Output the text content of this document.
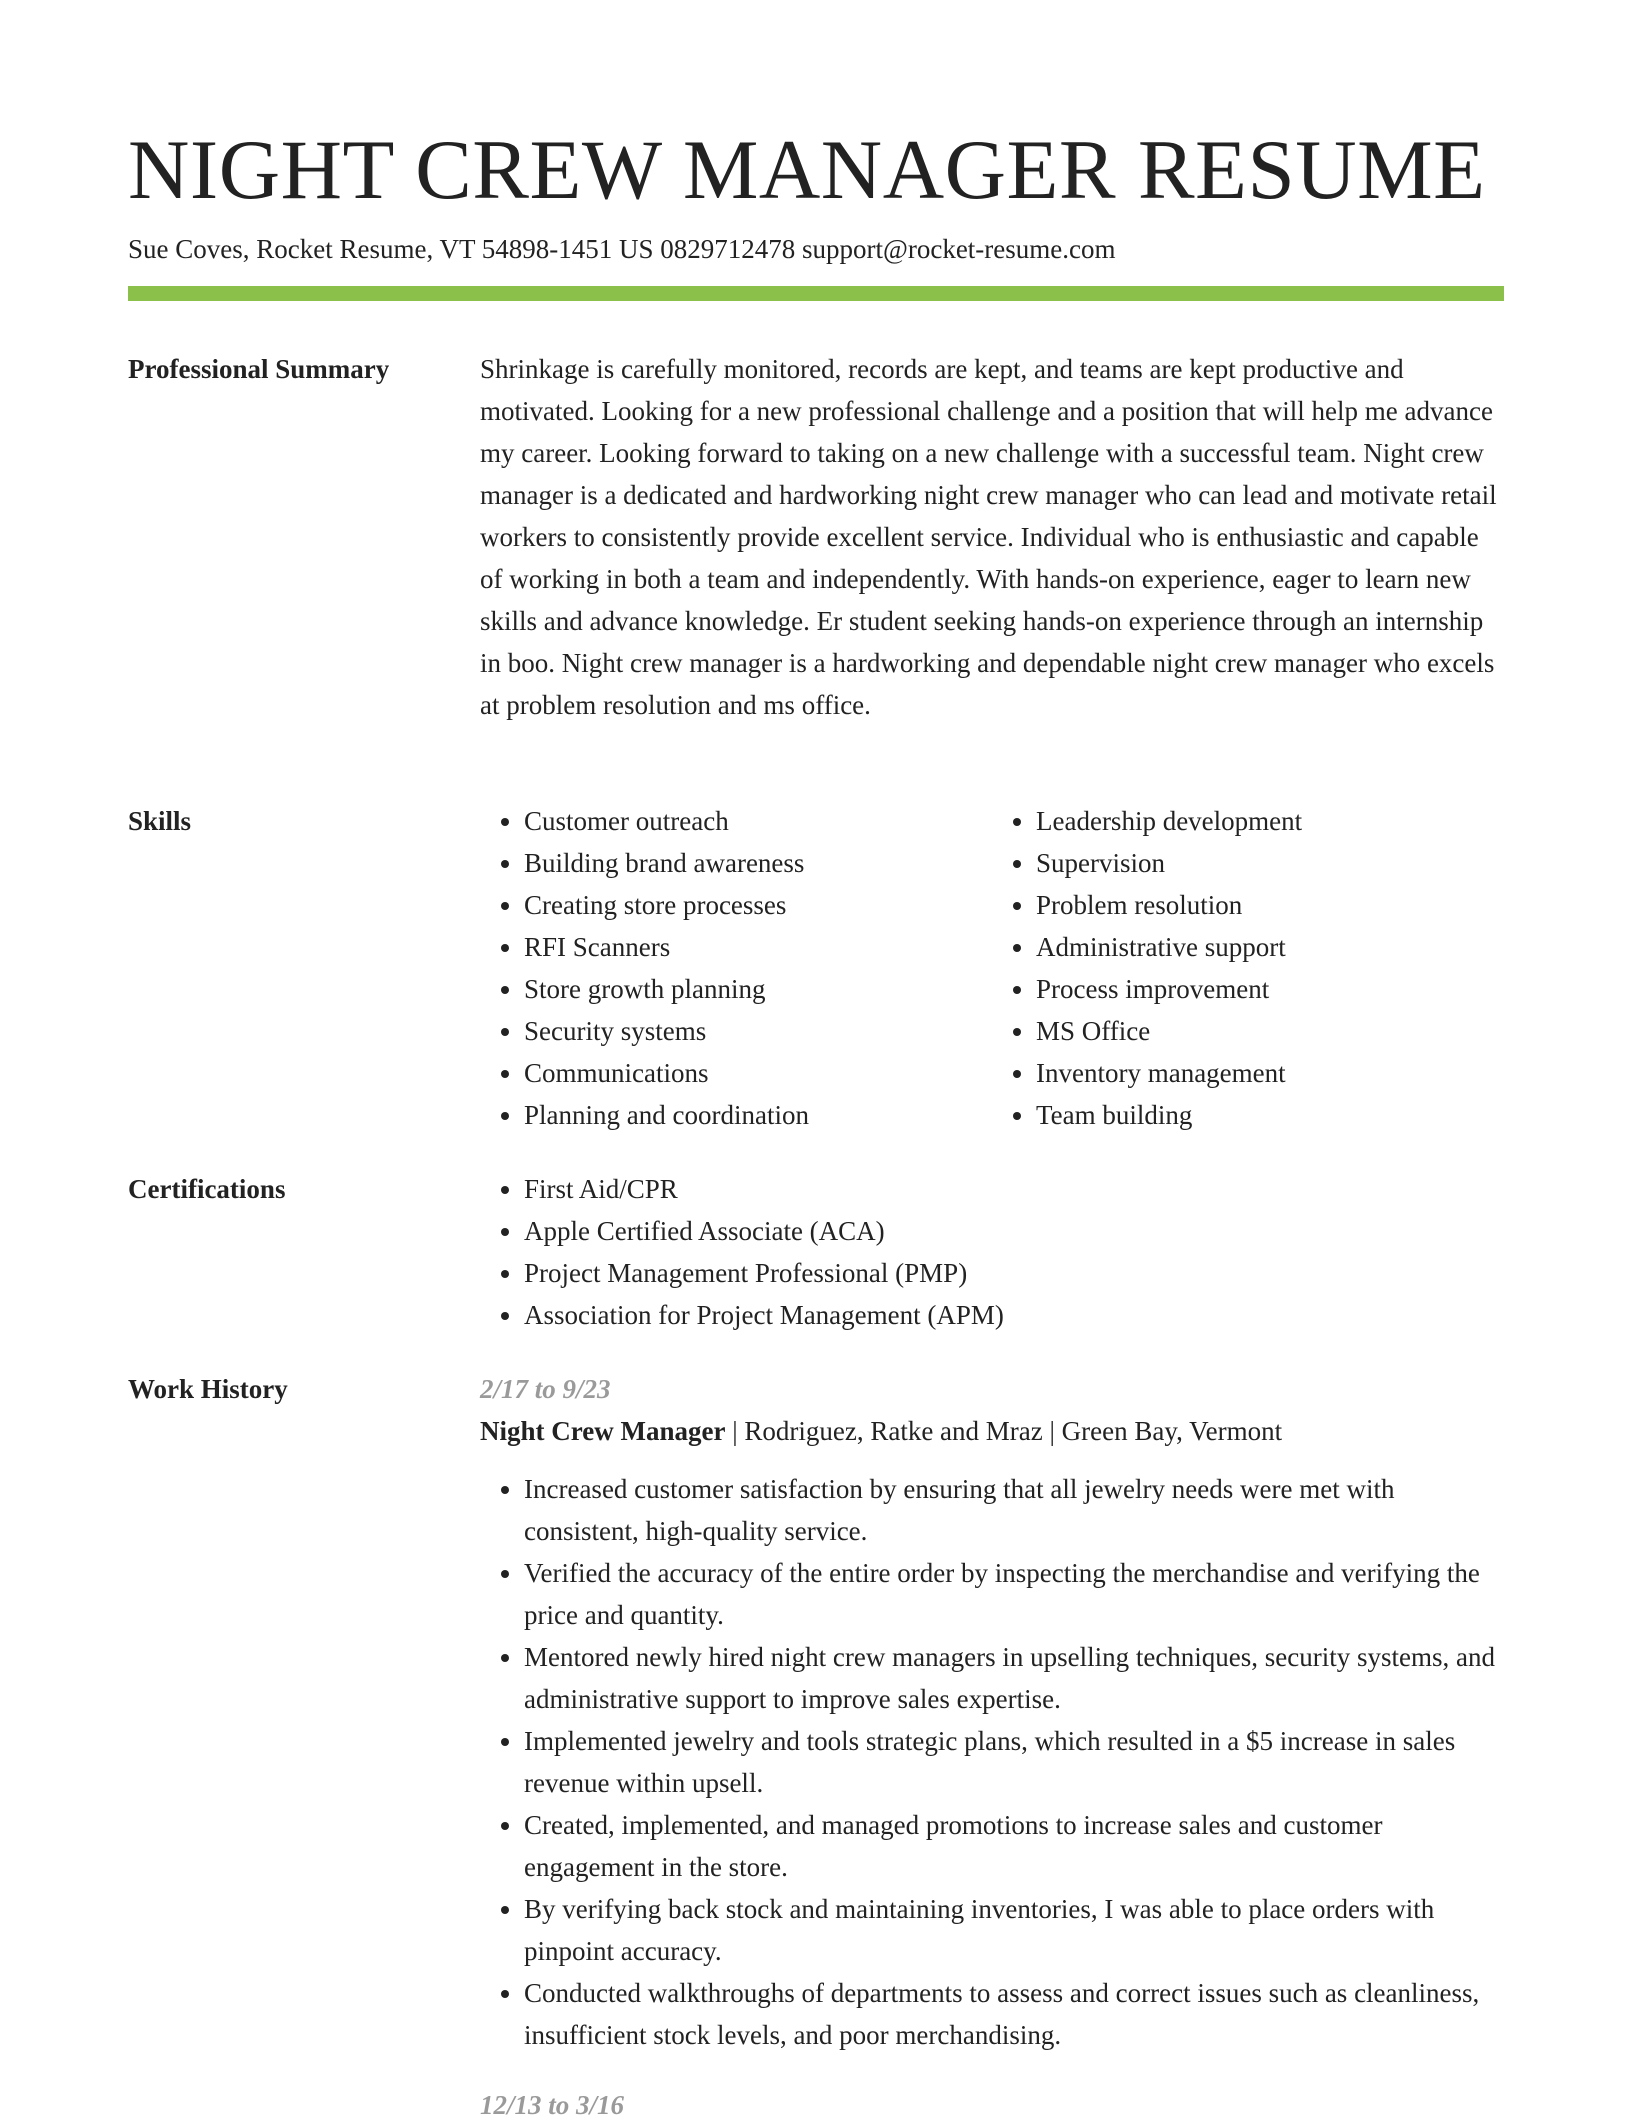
NIGHT CREW MANAGER RESUME
Sue Coves, Rocket Resume, VT 54898-1451 US 0829712478 support@rocket-resume.com
Professional Summary	Shrinkage is carefully monitored, records are kept, and teams are kept productive and motivated. Looking for a new professional challenge and a position that will help me advance my career. Looking forward to taking on a new challenge with a successful team. Night crew manager is a dedicated and hardworking night crew manager who can lead and motivate retail workers to consistently provide excellent service. Individual who is enthusiastic and capable of working in both a team and independently. With hands-on experience, eager to learn new skills and advance knowledge. Er student seeking hands-on experience through an internship in boo. Night crew manager is a hardworking and dependable night crew manager who excels at problem resolution and ms office.

Skills	• Customer outreach
• Building brand awareness
• Creating store processes
• RFI Scanners
• Store growth planning
• Security systems
• Communications
• Planning and coordination
• Leadership development
• Supervision
• Problem resolution
• Administrative support
• Process improvement
• MS Office
• Inventory management
• Team building
Certifications	• First Aid/CPR
• Apple Certified Associate (ACA)
• Project Management Professional (PMP)
• Association for Project Management (APM)
Work History	2/17 to 9/23
Night Crew Manager | Rodriguez, Ratke and Mraz | Green Bay, Vermont
• Increased customer satisfaction by ensuring that all jewelry needs were met with consistent, high-quality service.
• Verified the accuracy of the entire order by inspecting the merchandise and verifying the price and quantity.
• Mentored newly hired night crew managers in upselling techniques, security systems, and administrative support to improve sales expertise.
• Implemented jewelry and tools strategic plans, which resulted in a $5 increase in sales revenue within upsell.
• Created, implemented, and managed promotions to increase sales and customer engagement in the store.
• By verifying back stock and maintaining inventories, I was able to place orders with pinpoint accuracy.
• Conducted walkthroughs of departments to assess and correct issues such as cleanliness, insufficient stock levels, and poor merchandising.
12/13 to 3/16
